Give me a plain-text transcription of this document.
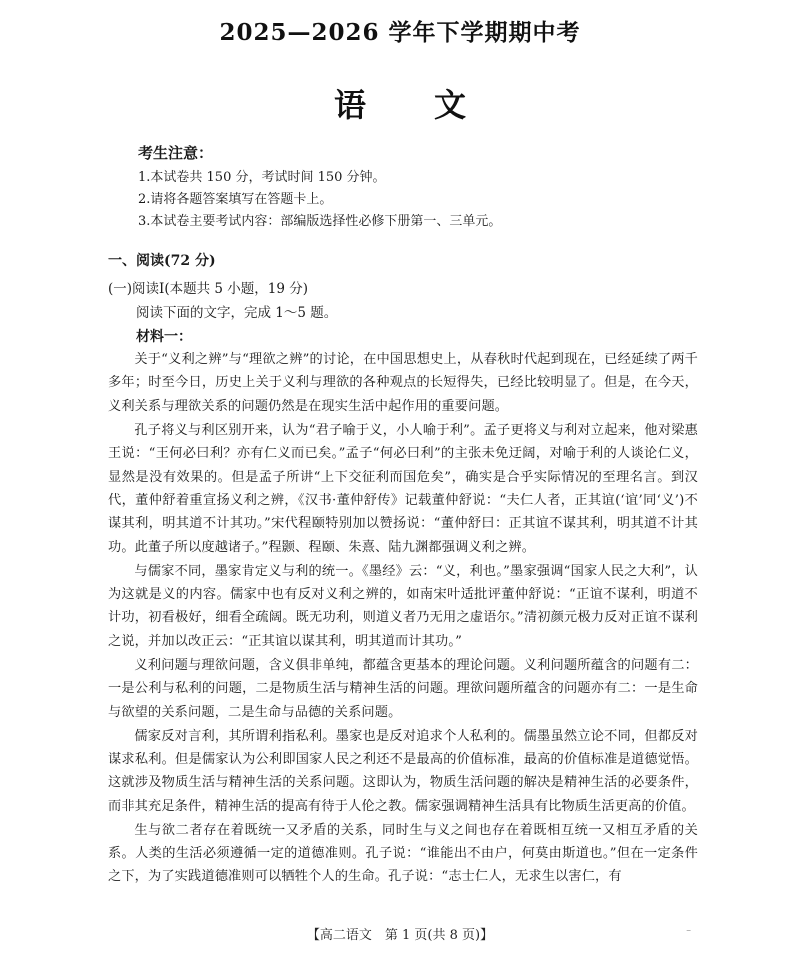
2025—2026 学年下学期期中考
语 文
考生注意：
1.本试卷共 150 分，考试时间 150 分钟。
2.请将各题答案填写在答题卡上。
3.本试卷主要考试内容：部编版选择性必修下册第一、三单元。
一、阅读(72 分)
(一)阅读Ⅰ(本题共 5 小题，19 分)
阅读下面的文字，完成 1～5 题。
材料一：

关于“义利之辨”与“理欲之辨”的讨论，在中国思想史上，从春秋时代起到现在，已经延续了两千多年；时至今日，历史上关于义利与理欲的各种观点的长短得失，已经比较明显了。但是，在今天，义利关系与理欲关系的问题仍然是在现实生活中起作用的重要问题。

孔子将义与利区别开来，认为“君子喻于义，小人喻于利”。孟子更将义与利对立起来，他对梁惠王说：“王何必曰利？亦有仁义而已矣。”孟子“何必曰利”的主张未免迂阔，对喻于利的人谈论仁义，显然是没有效果的。但是孟子所讲“上下交征利而国危矣”，确实是合乎实际情况的至理名言。到汉代，董仲舒着重宣扬义利之辨，《汉书·董仲舒传》记载董仲舒说：“夫仁人者，正其谊(‘谊’同‘义’)不谋其利，明其道不计其功。”宋代程颐特别加以赞扬说：“董仲舒曰：正其谊不谋其利，明其道不计其功。此董子所以度越诸子。”程颢、程颐、朱熹、陆九渊都强调义利之辨。

与儒家不同，墨家肯定义与利的统一。《墨经》云：“义，利也。”墨家强调“国家人民之大利”，认为这就是义的内容。儒家中也有反对义利之辨的，如南宋叶适批评董仲舒说：“正谊不谋利，明道不计功，初看极好，细看全疏阔。既无功利，则道义者乃无用之虚语尔。”清初颜元极力反对正谊不谋利之说，并加以改正云：“正其谊以谋其利，明其道而计其功。”

义利问题与理欲问题，含义俱非单纯，都蕴含更基本的理论问题。义利问题所蕴含的问题有二：一是公利与私利的问题，二是物质生活与精神生活的问题。理欲问题所蕴含的问题亦有二：一是生命与欲望的关系问题，二是生命与品德的关系问题。

儒家反对言利，其所谓利指私利。墨家也是反对追求个人私利的。儒墨虽然立论不同，但都反对谋求私利。但是儒家认为公利即国家人民之利还不是最高的价值标准，最高的价值标准是道德觉悟。这就涉及物质生活与精神生活的关系问题。这即认为，物质生活问题的解决是精神生活的必要条件，而非其充足条件，精神生活的提高有待于人伦之教。儒家强调精神生活具有比物质生活更高的价值。

生与欲二者存在着既统一又矛盾的关系，同时生与义之间也存在着既相互统一又相互矛盾的关系。人类的生活必须遵循一定的道德准则。孔子说：“谁能出不由户，何莫由斯道也。”但在一定条件之下，为了实践道德准则可以牺牲个人的生命。孔子说：“志士仁人，无求生以害仁，有

【高二语文　第 1 页(共 8 页)】	⁻
